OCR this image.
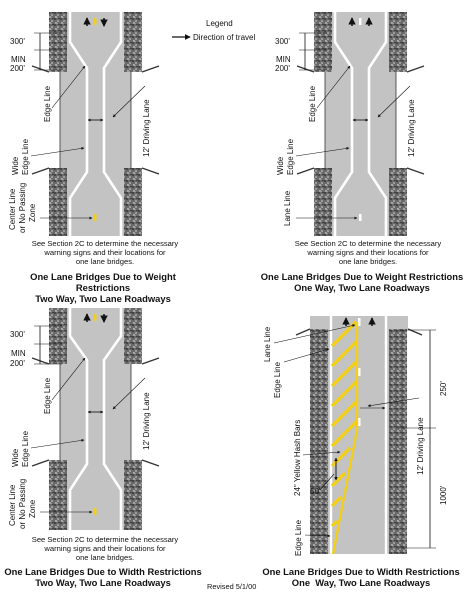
300'
MIN
200'
Edge Line	12' Driving Lane
Wide Edge Line
Center Line or No Passing Zone
300'
MIN
200'
Edge Line	12' Driving Lane
Wide Edge Line
Lane Line
Legend
Direction of travel
300'
MIN
200'
Edge Line	12' Driving Lane
Wide Edge Line
Center Line or No Passing Zone
Lane Line
Edge Line	250'
1000'
12' Driving Lane
24" Yellow Hash Bars 50'
Edge Line
See Section 2C to determine the necessary
warning signs and their locations for
one lane bridges.
One Lane Bridges Due to Weight Restrictions
Two Way, Two Lane Roadways
See Section 2C to determine the necessary
warning signs and their locations for
one lane bridges.
One Lane Bridges Due to Weight Restrictions
One Way, Two Lane Roadways
See Section 2C to determine the necessary
warning signs and their locations for
one lane bridges.
One Lane Bridges Due to Width Restrictions
Two Way, Two Lane Roadways	Revised 5/1/00
One Lane Bridges Due to Width Restrictions
One  Way, Two Lane Roadways
